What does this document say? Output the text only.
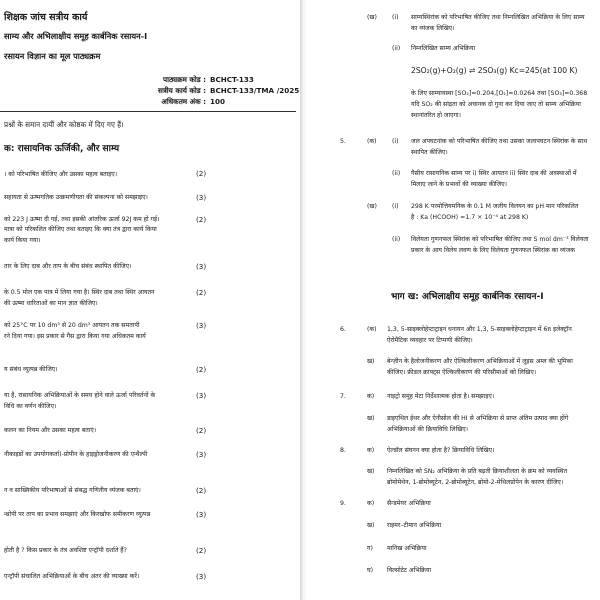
शिक्षक जांच सत्रीय कार्य
साम्य और अभिलाक्षीय समूह कार्बनिक रसायन-I
रसायन विज्ञान का मूल पाठ्यक्रम
पाठ्यक्रम कोड : BCHCT-133
सत्रीय कार्य कोड : BCHCT-133/TMA /2025
अधिकतम अंक : 100
प्रश्नों के समान दायीं और कोष्ठक में दिए गए हैं।
क: रासायनिक ऊर्जिकी, और साम्य
। को परिभाषित कीजिए और उसका महत्व बताइए।	(2)
सहायता से ऊष्मगतिक उत्क्रमणीयता की संकल्पना को समझाइए।	(3)
को 223 J ऊष्मा दी गई, तथा इसकी आंतरिक ऊर्जा 92J कम हो गई।	(2)
मात्रा को परिकलित कीजिए तथा बताइए कि क्या तंत्र द्वारा कार्य किया
कार्य किया गया।
तार के लिए दाब और ताप के बीच संबंध स्थापित कीजिए।	(3)
के 0.5 मोल एक पात्र में लिया गया है। स्थिर दाब तथा स्थिर आयतन	(2)
की ऊष्मा धारिताओं का मान ज्ञात कीजिए।
को 25°C पर 10 dm³ से 20 dm³ आयतन तक समतापी	(3)
रने दिया गया। इस प्रकार से गैस द्वारा किया गया अधिकतम कार्य
य संबंध व्युत्पन्न कीजिए।	(2)
या है, रासायनिक अभिक्रियाओं के समय होने वाले ऊर्जा परिवर्तनों के	(3)
विधि का वर्णन कीजिए।
कलन का नियम और उसका महत्व बताएं।	(2)
नीकाइडों का उपयोगकर्ता)-प्रोपीन के हाइड्रोजनीकरण की एन्थैल्पी	(3)
न व साख्यिकीय परिभाषाओं से संबद्ध गणितीय व्यंजक बताएं।	(2)
न्थ्रोपी पर ताप का प्रभाव समझाएं और किरखोफ समीकरण व्युत्पन्न	(3)
होती है ? किस प्रकार के तंत्र अवशिष्ट एन्ट्रॉपी दर्शाते हैं?	(2)
एन्ट्रॉपी संचालित अभिक्रियाओं के बीच अंतर की व्याख्या करें।	(3)
(ख) (i) साम्यस्थिरांक को परिभाषित कीजिए तथा निम्नलिखित अभिक्रिया के लिए साम्य
का व्यंजक लिखिए।
(ii) निम्नलिखित साम्य अभिक्रिया
2SO₂(g)+O₂(g) ⇌ 2SO₃(g) Kc=245(at 100 K)
के लिए साम्यावस्था [SO₂]=0.204,[O₂]=0.0264 तथा [SO₃]=0.368
यदि SO₂ की सांद्रता को अचानक दो गुना कर दिया जाए तो साम्य अभिक्रिया
स्थानांतरित हो जाएगा।
5.	(क) (i) जल अपघटनांक को परिभाषित कीजिए तथा उसका जलापघटन स्थिरांक के साथ
स्थापित कीजिए।
(ii) गैसीय रासायनिक साम्य पर i) स्थिर आयतन ii) स्थिर दाब की अवस्थाओं में
मिलाए जाने के प्रभावों की व्याख्या कीजिए।
(ख) (i) 298 K परमोत्तियमनिक के 0.1 M जलीय विलयन का pH मान परिकलित
है : Ka (HCOOH) =1.7 × 10⁻⁴ at 298 K)
(ii) विलेयता गुणनफल स्थिरांक को परिभाषित कीजिए तथा S mol dm⁻³ विलेयता
प्रकार के आय विलेय लवण के लिए विलेयता गुणनफल स्थिरांक का व्यंजक
भाग ख: अभिलाक्षीय समूह कार्बनिक रसायन-I
6.	(क) 1,3, 5-साइक्लोहेप्टाट्राइन धनायन और 1,3, 5-साइक्लोहेप्टाट्राइन में 6π इलेक्ट्रॉन
ऐरोमैटिक व्यवहार पर टिप्पणी कीजिए।
ख) बेन्ज़ीन के हैलोजनीकरण और ऐल्किलीकरण अभिक्रियाओं में लूइस अम्ल की भूमिका
कीजिए। फ्रीडल क्राफ्ट्स ऐल्किलीकरण की परिसीमाओं को लिखिए।
7.	क) नाइट्रो समूह मेटा निर्देशात्मक होता है। समझाइए।
ख) डाइएथिल ईथर और ऐनीसोल की HI से अभिक्रिया से प्राप्त अंतिम उत्पाद क्या होंगे
अभिक्रियाओं की क्रियाविधि लिखिए।
8.	क) ऐल्डॉल संघनन क्या होता है? क्रियाविधि लिखिए।
ख) निम्नलिखित को SN₂ अभिक्रिया के प्रति बढ़ती क्रियाशीलता के क्रम को व्यवस्थित
ब्रोमोमेथेन, 1-ब्रोमोब्यूटेन, 2-ब्रोमोब्यूटेन, ब्रोमो-2-मेथिलप्रोपेन के कारण दीजिए।
9.	क) सैन्डमेयर अभिक्रिया
ख) राइमर–टीमान अभिक्रिया
ग) मानिख अभिक्रिया
घ) विल्सोटेट अभिक्रिया
